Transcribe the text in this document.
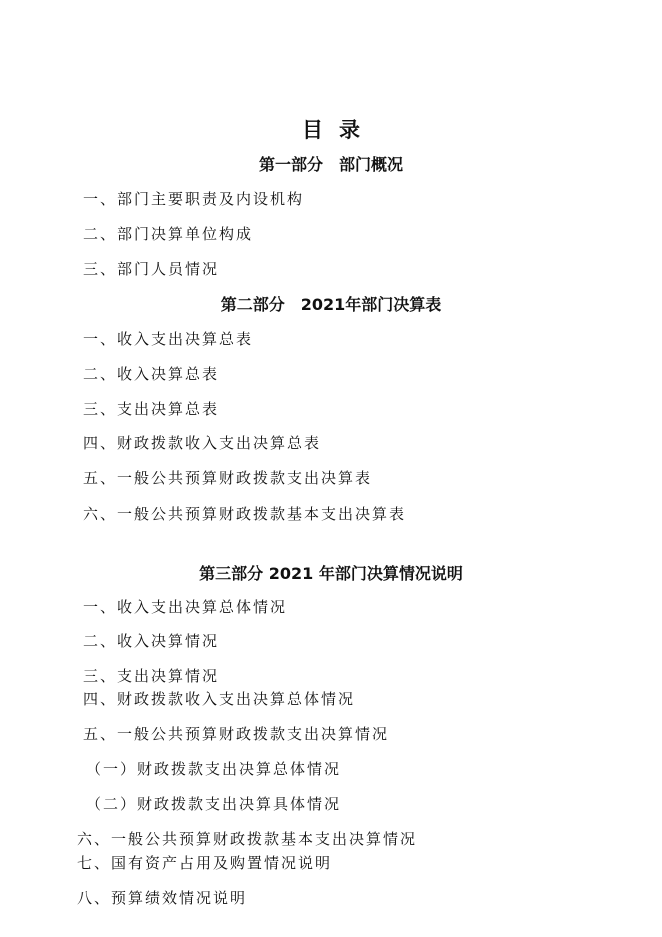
目录
第一部分　部门概况
一、部门主要职责及内设机构
二、部门决算单位构成
三、部门人员情况
第二部分　2021年部门决算表
一、收入支出决算总表
二、收入决算总表
三、支出决算总表
四、财政拨款收入支出决算总表
五、一般公共预算财政拨款支出决算表
六、一般公共预算财政拨款基本支出决算表
第三部分 2021 年部门决算情况说明
一、收入支出决算总体情况
二、收入决算情况
三、支出决算情况
四、财政拨款收入支出决算总体情况
五、一般公共预算财政拨款支出决算情况
（一）财政拨款支出决算总体情况
（二）财政拨款支出决算具体情况
六、一般公共预算财政拨款基本支出决算情况
七、国有资产占用及购置情况说明
八、预算绩效情况说明
